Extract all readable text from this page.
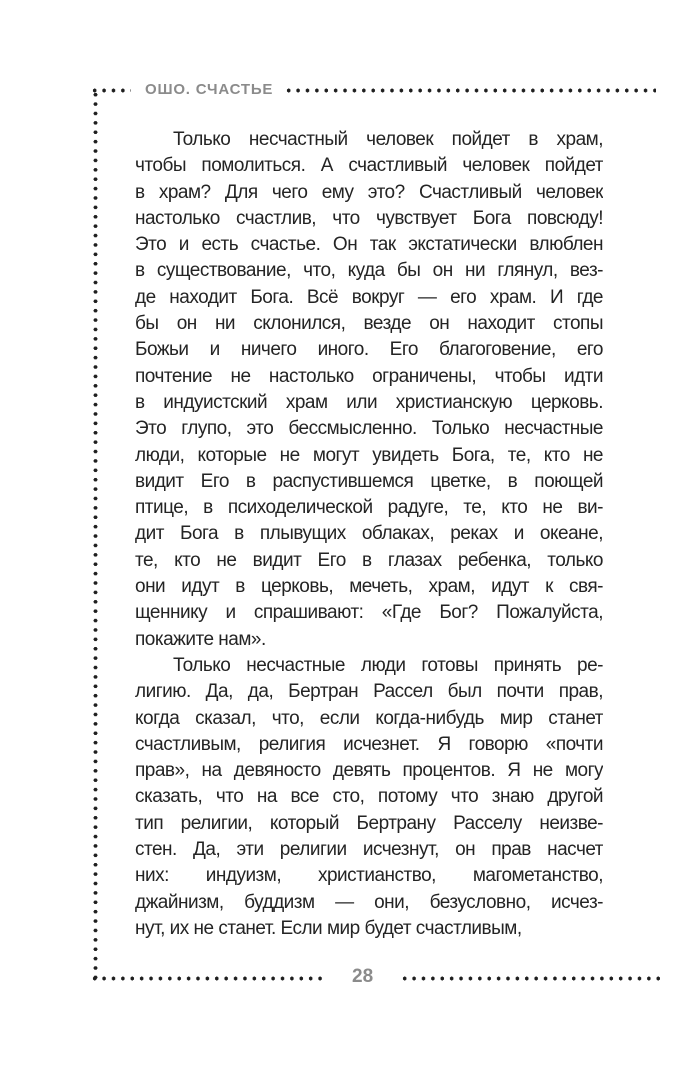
ОШО. СЧАСТЬЕ
Только несчастный человек пойдет в храм,
чтобы помолиться. А счастливый человек пойдет
в храм? Для чего ему это? Счастливый человек
настолько счастлив, что чувствует Бога повсюду!
Это и есть счастье. Он так экстатически влюблен
в существование, что, куда бы он ни глянул, вез-
де находит Бога. Всё вокруг — его храм. И где
бы он ни склонился, везде он находит стопы
Божьи и ничего иного. Его благоговение, его
почтение не настолько ограничены, чтобы идти
в индуистский храм или христианскую церковь.
Это глупо, это бессмысленно. Только несчастные
люди, которые не могут увидеть Бога, те, кто не
видит Его в распустившемся цветке, в поющей
птице, в психоделической радуге, те, кто не ви-
дит Бога в плывущих облаках, реках и океане,
те, кто не видит Его в глазах ребенка, только
они идут в церковь, мечеть, храм, идут к свя-
щеннику и спрашивают: «Где Бог? Пожалуйста,
покажите нам».
Только несчастные люди готовы принять ре-
лигию. Да, да, Бертран Рассел был почти прав,
когда сказал, что, если когда-нибудь мир станет
счастливым, религия исчезнет. Я говорю «почти
прав», на девяносто девять процентов. Я не могу
сказать, что на все сто, потому что знаю другой
тип религии, который Бертрану Расселу неизве-
стен. Да, эти религии исчезнут, он прав насчет
них: индуизм, христианство, магометанство,
джайнизм, буддизм — они, безусловно, исчез-
нут, их не станет. Если мир будет счастливым,
28
